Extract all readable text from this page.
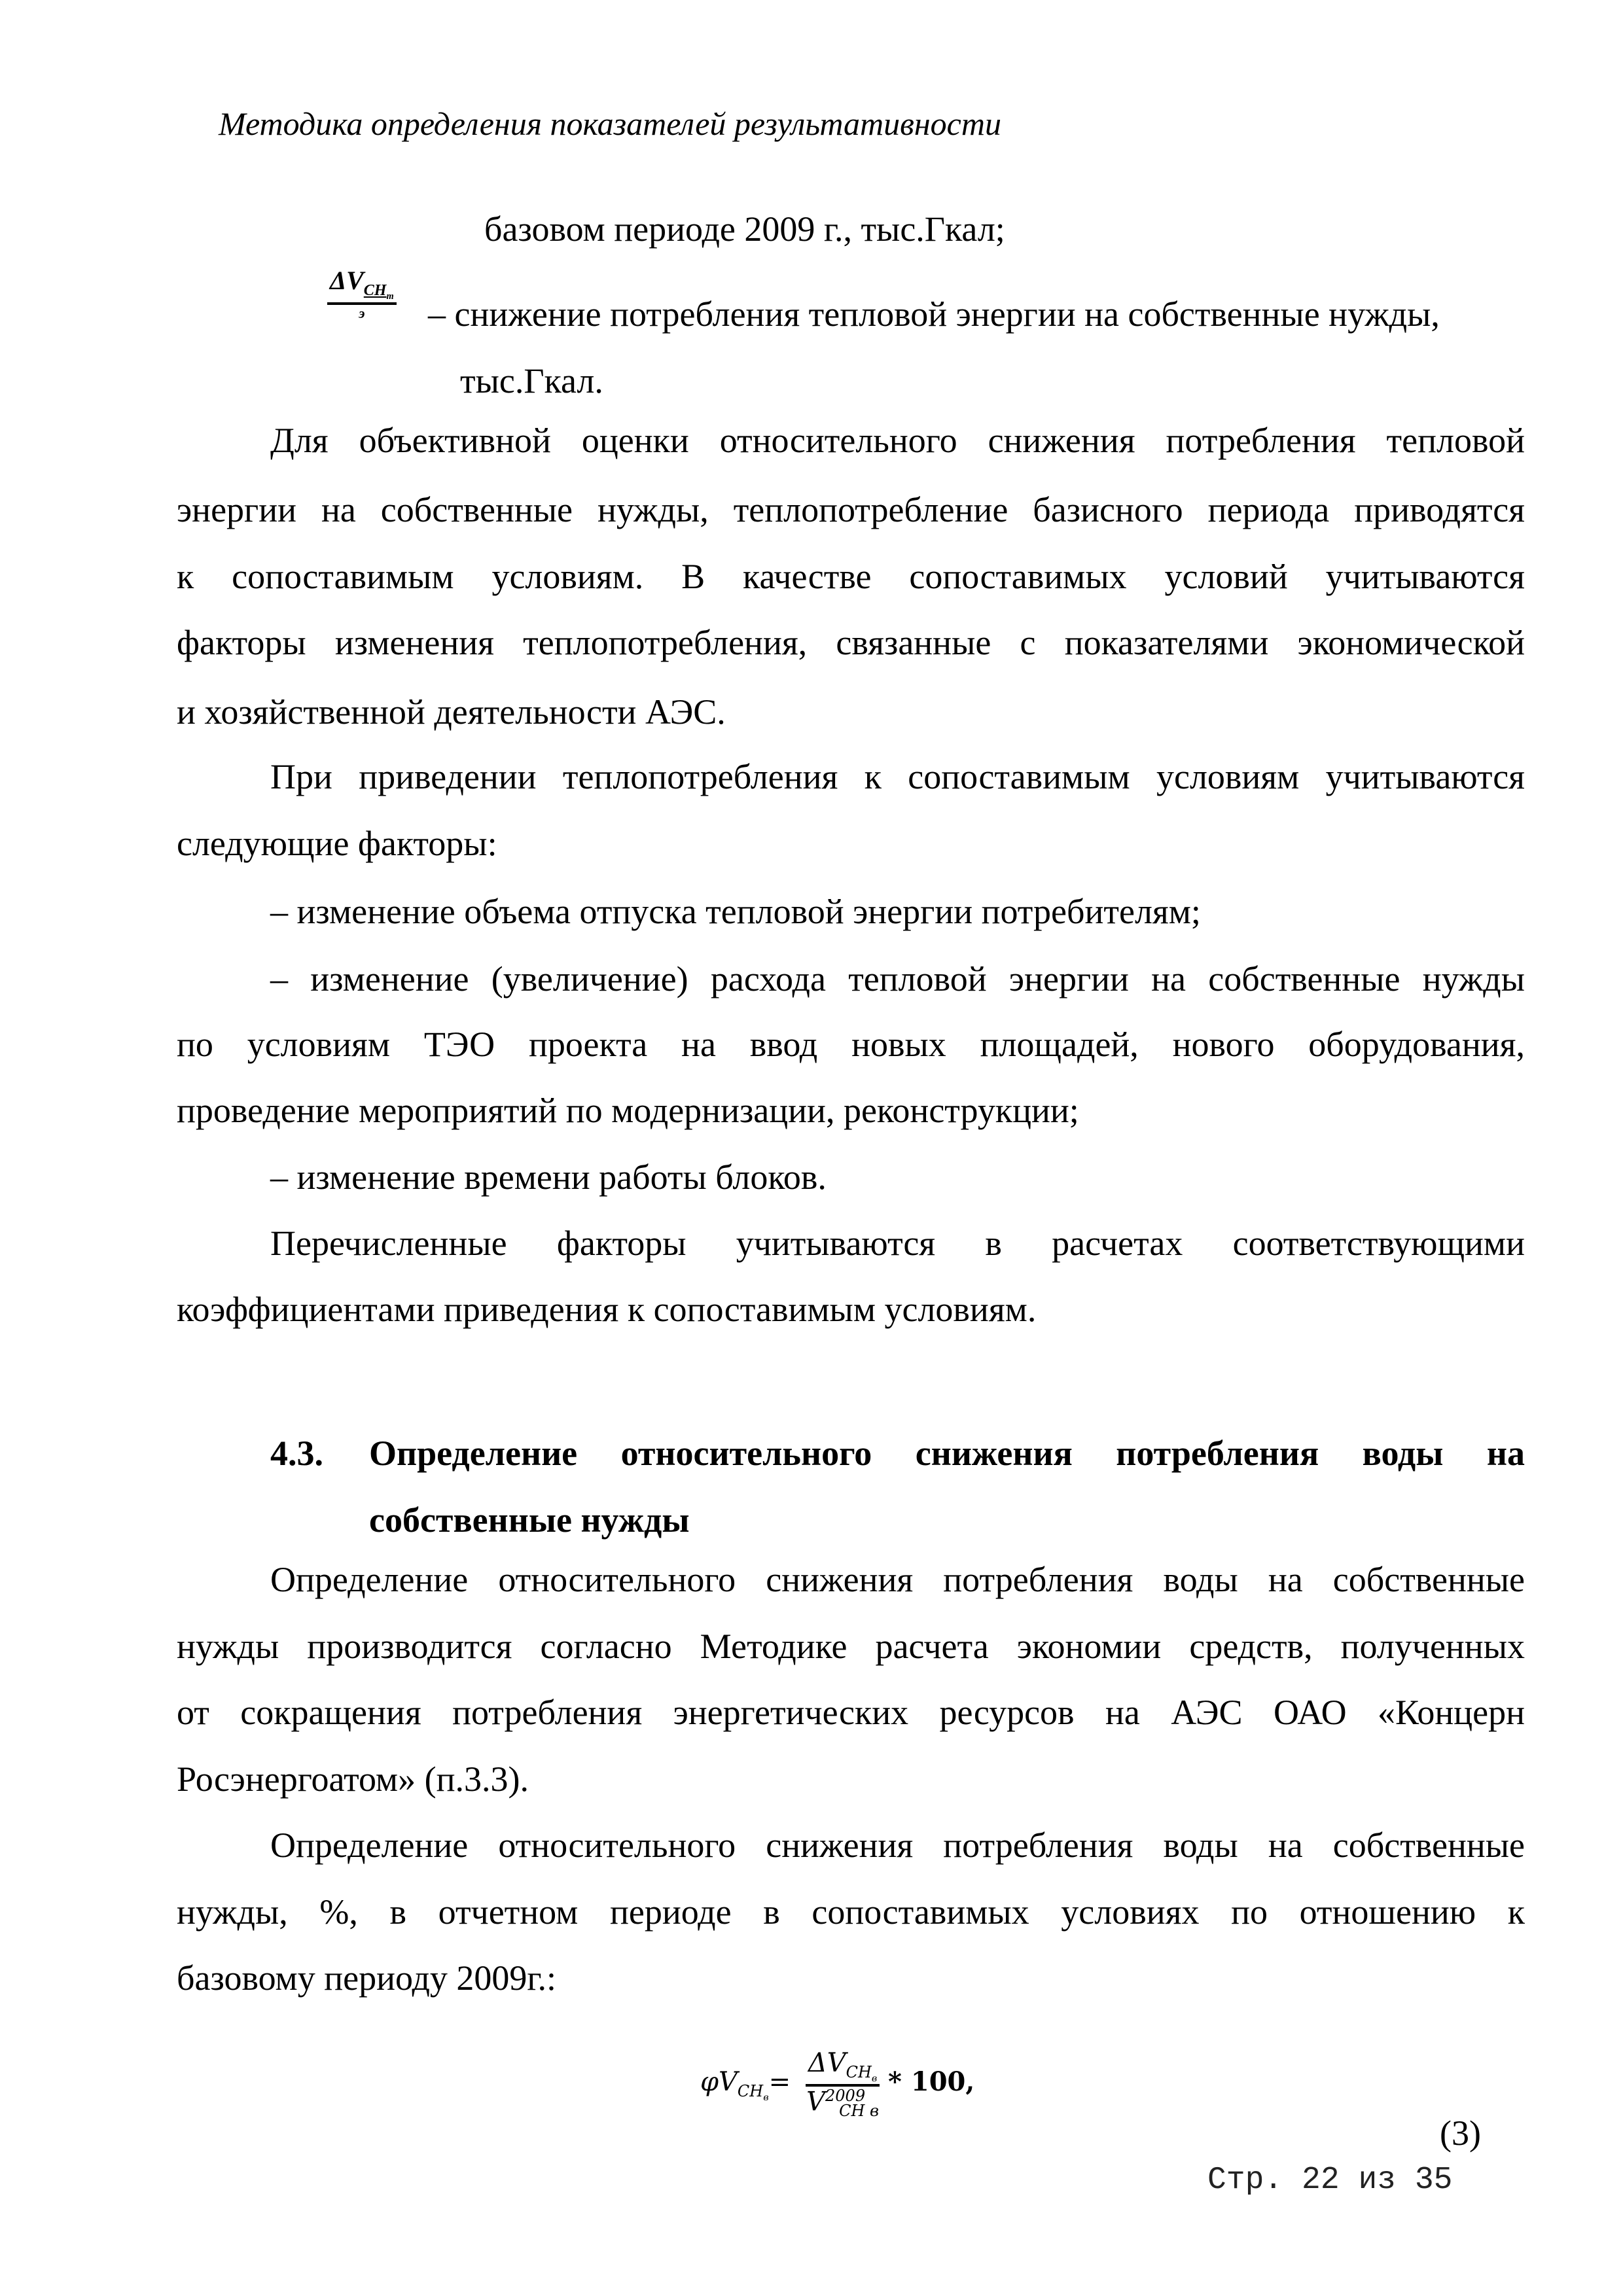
Методика определения показателей результативности
базовом периоде 2009 г., тыс.Гкал;
$\frac{\Delta V_{CH_т}}{э}$ – снижение потребления тепловой энергии на собственные нужды,
тыс.Гкал.
Для объективной оценки относительного снижения потребления тепловой
энергии на собственные нужды, теплопотребление базисного периода приводятся
к сопоставимым условиям. В качестве сопоставимых условий учитываются
факторы изменения теплопотребления, связанные с показателями экономической
и хозяйственной деятельности АЭС.
При приведении теплопотребления к сопоставимым условиям учитываются
следующие факторы:
– изменение объема отпуска тепловой энергии потребителям;
– изменение (увеличение) расхода тепловой энергии на собственные нужды
по условиям ТЭО проекта на ввод новых площадей, нового оборудования,
проведение мероприятий по модернизации, реконструкции;
– изменение времени работы блоков.
Перечисленные факторы учитываются в расчетах соответствующими
коэффициентами приведения к сопоставимым условиям.
4.3. Определение относительного снижения потребления воды на
собственные нужды
Определение относительного снижения потребления воды на собственные
нужды производится согласно Методике расчета экономии средств, полученных
от сокращения потребления энергетических ресурсов на АЭС ОАО «Концерн
Росэнергоатом» (п.3.3).
Определение относительного снижения потребления воды на собственные
нужды, %, в отчетном периоде в сопоставимых условиях по отношению к
базовому периоду 2009г.:
$\varphi V_{CH_в}= \frac{\Delta V_{CH_в}}{V^{2009}_{CH в}} * 100$,
(3)
Стр. 22 из 35
